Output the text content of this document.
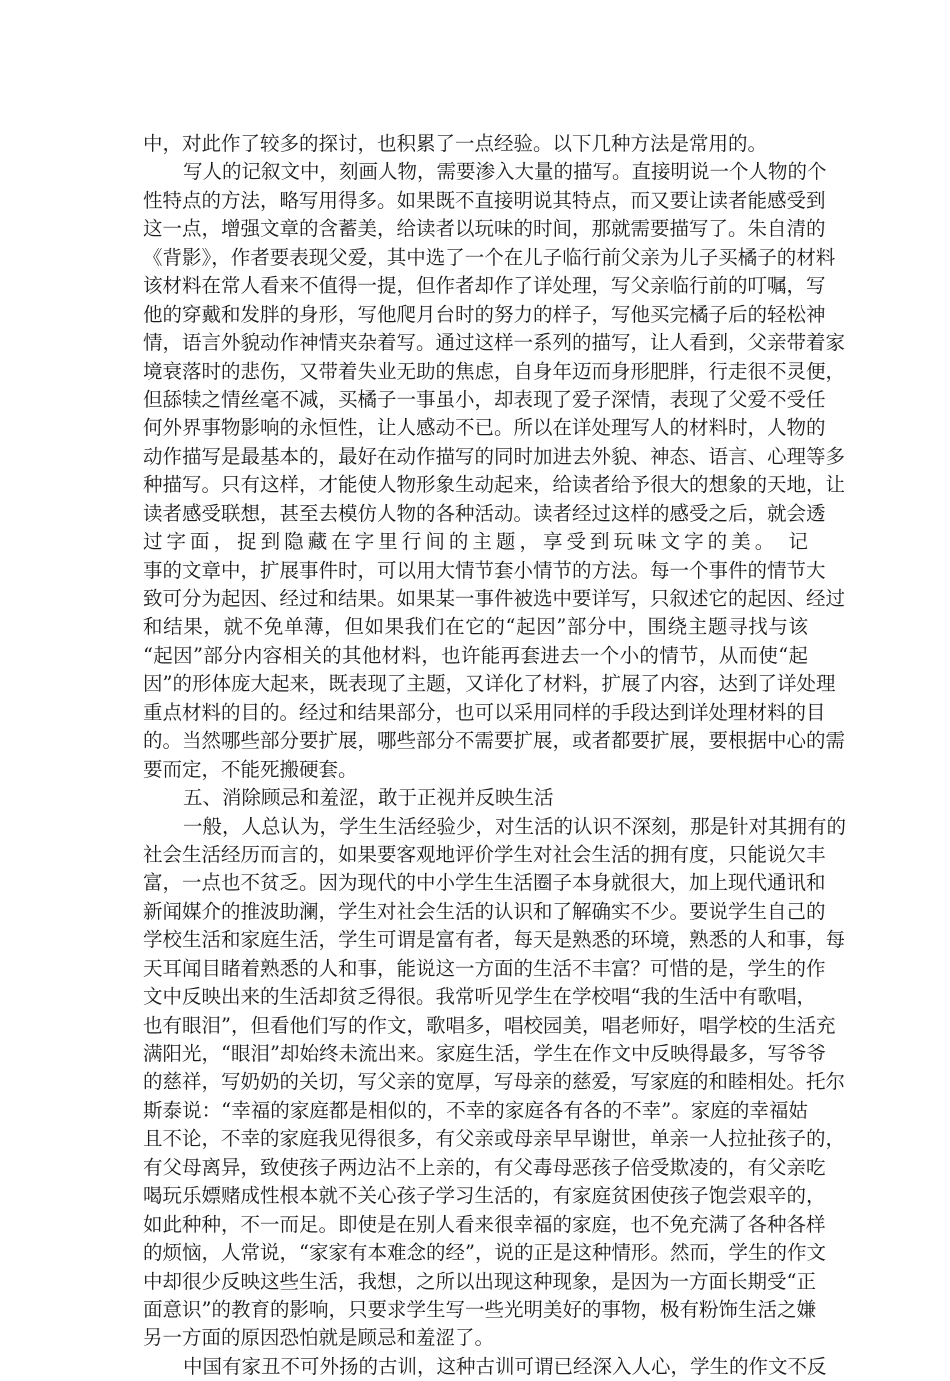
中，对此作了较多的探讨，也积累了一点经验。以下几种方法是常用的。
写人的记叙文中，刻画人物，需要渗入大量的描写。直接明说一个人物的个
性特点的方法，略写用得多。如果既不直接明说其特点，而又要让读者能感受到
这一点，增强文章的含蓄美，给读者以玩味的时间，那就需要描写了。朱自清的
《背影》，作者要表现父爱，其中选了一个在儿子临行前父亲为儿子买橘子的材料
该材料在常人看来不值得一提，但作者却作了详处理，写父亲临行前的叮嘱，写
他的穿戴和发胖的身形，写他爬月台时的努力的样子，写他买完橘子后的轻松神
情，语言外貌动作神情夹杂着写。通过这样一系列的描写，让人看到，父亲带着家
境衰落时的悲伤，又带着失业无助的焦虑，自身年迈而身形肥胖，行走很不灵便，
但舔犊之情丝毫不减，买橘子一事虽小，却表现了爱子深情，表现了父爱不受任
何外界事物影响的永恒性，让人感动不已。所以在详处理写人的材料时，人物的
动作描写是最基本的，最好在动作描写的同时加进去外貌、神态、语言、心理等多
种描写。只有这样，才能使人物形象生动起来，给读者给予很大的想象的天地，让
读者感受联想，甚至去模仿人物的各种活动。读者经过这样的感受之后，就会透
过字面，捉到隐藏在字里行间的主题，享受到玩味文字的美。 记
事的文章中，扩展事件时，可以用大情节套小情节的方法。每一个事件的情节大
致可分为起因、经过和结果。如果某一事件被选中要详写，只叙述它的起因、经过
和结果，就不免单薄，但如果我们在它的“起因”部分中，围绕主题寻找与该
“起因”部分内容相关的其他材料，也许能再套进去一个小的情节，从而使“起
因”的形体庞大起来，既表现了主题，又详化了材料，扩展了内容，达到了详处理
重点材料的目的。经过和结果部分，也可以采用同样的手段达到详处理材料的目
的。当然哪些部分要扩展，哪些部分不需要扩展，或者都要扩展，要根据中心的需
要而定，不能死搬硬套。
五、消除顾忌和羞涩，敢于正视并反映生活
一般，人总认为，学生生活经验少，对生活的认识不深刻，那是针对其拥有的
社会生活经历而言的，如果要客观地评价学生对社会生活的拥有度，只能说欠丰
富，一点也不贫乏。因为现代的中小学生生活圈子本身就很大，加上现代通讯和
新闻媒介的推波助澜，学生对社会生活的认识和了解确实不少。要说学生自己的
学校生活和家庭生活，学生可谓是富有者，每天是熟悉的环境，熟悉的人和事，每
天耳闻目睹着熟悉的人和事，能说这一方面的生活不丰富？可惜的是，学生的作
文中反映出来的生活却贫乏得很。我常听见学生在学校唱“我的生活中有歌唱，
也有眼泪”，但看他们写的作文，歌唱多，唱校园美，唱老师好，唱学校的生活充
满阳光，“眼泪”却始终未流出来。家庭生活，学生在作文中反映得最多，写爷爷
的慈祥，写奶奶的关切，写父亲的宽厚，写母亲的慈爱，写家庭的和睦相处。托尔
斯泰说：“幸福的家庭都是相似的，不幸的家庭各有各的不幸”。家庭的幸福姑
且不论，不幸的家庭我见得很多，有父亲或母亲早早谢世，单亲一人拉扯孩子的，
有父母离异，致使孩子两边沾不上亲的，有父毒母恶孩子倍受欺凌的，有父亲吃
喝玩乐嫖赌成性根本就不关心孩子学习生活的，有家庭贫困使孩子饱尝艰辛的，
如此种种，不一而足。即使是在别人看来很幸福的家庭，也不免充满了各种各样
的烦恼，人常说，“家家有本难念的经”，说的正是这种情形。然而，学生的作文
中却很少反映这些生活，我想，之所以出现这种现象，是因为一方面长期受“正
面意识”的教育的影响，只要求学生写一些光明美好的事物，极有粉饰生活之嫌
另一方面的原因恐怕就是顾忌和羞涩了。
中国有家丑不可外扬的古训，这种古训可谓已经深入人心，学生的作文不反
